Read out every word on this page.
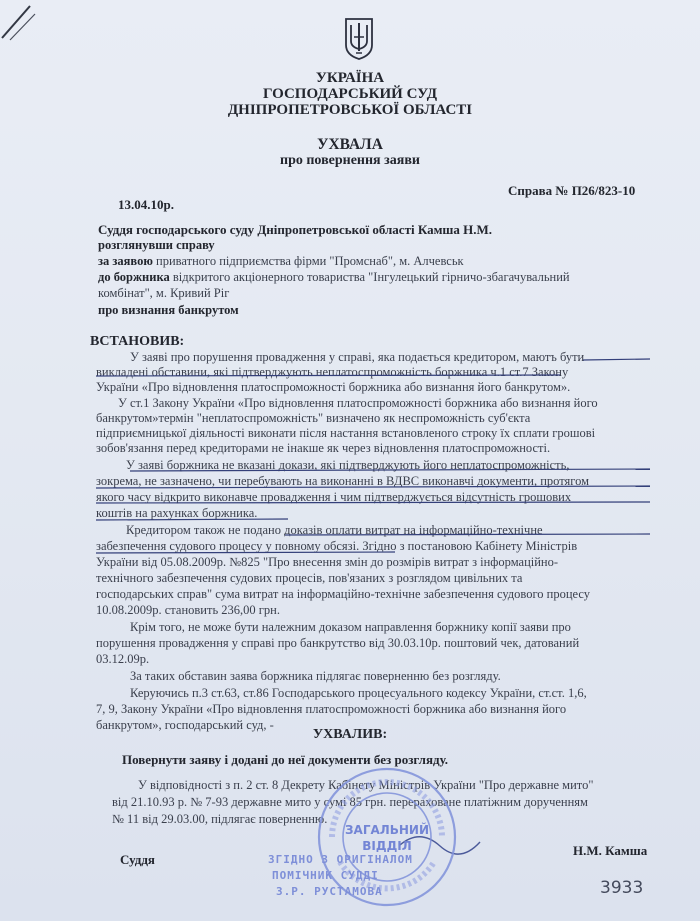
УКРАЇНА
ГОСПОДАРСЬКИЙ СУД
ДНІПРОПЕТРОВСЬКОЇ ОБЛАСТІ
УХВАЛА
про повернення заяви
13.04.10р.
Справа № П26/823-10
Суддя господарського суду Дніпропетровської області Камша Н.М.
розглянувши справу
за заявою приватного підприємства фірми "Промснаб", м. Алчевськ
до боржника відкритого акціонерного товариства "Інгулецький гірничо-збагачувальний
комбінат", м. Кривий Ріг
про визнання банкрутом
ВСТАНОВИВ:
У заяві про порушення провадження у справі, яка подається кредитором, маютъ бути
викладені обставини, які підтверджують неплатоспроможність боржника ч.1 ст.7 Закону
України «Про відновлення платоспроможності боржника або визнання його банкрутом».
У ст.1 Закону України «Про відновлення платоспроможності боржника або визнання його
банкрутом»термін "неплатоспроможність" визначено як неспроможність суб'єкта
підприємницької діяльності виконати після настання встановленого строку їх сплати грошові
зобов'язання перед кредиторами не інакше як через відновлення платоспроможності.
У заяві боржника не вказані докази, які підтверджують його неплатоспроможність,
зокрема, не зазначено, чи перебувають на виконанні в ВДВС виконавчі документи, протягом
якого часу відкрито виконавче провадження і чим підтверджується відсутність грошових
коштів на рахунках боржника.
Кредитором також не подано доказів оплати витрат на інформаційно-технічне
забезпечення судового процесу у повному обсязі. Згідно з постановою Кабінету Міністрів
України від 05.08.2009р. №825 "Про внесення змін до розмірів витрат з інформаційно-
технічного забезпечення судових процесів, пов'язаних з розглядом цивільних та
господарських справ" сума витрат на інформаційно-технічне забезпечення судового процесу
10.08.2009р. становить 236,00 грн.
Крім того, не може бути належним доказом направлення боржнику копії заяви про
порушення провадження у справі про банкрутство від 30.03.10р. поштовий чек, датований
03.12.09р.
За таких обставин заява боржника підлягає поверненню без розгляду.
Керуючись п.3 ст.63, ст.86 Господарського процесуального кодексу України, ст.ст. 1,6,
7, 9, Закону України «Про відновлення платоспроможності боржника або визнання його
банкрутом», господарський суд, -
УХВАЛИВ:
Повернути заяву і додані до неї документи без розгляду.
У відповідності з п. 2 ст. 8 Декрету Кабінету Міністрів України "Про державне мито"
від 21.10.93 р. № 7-93 державне мито у сумі 85 грн. перераховане платіжним дорученням
№ 11 від 29.03.00, підлягає поверненню.
Суддя
Н.М. Камша
ЗАГАЛЬНИЙ
ВІДДІЛ
ЗГІДНО З ОРИГІНАЛОМ
ПОМІЧНИК СУДДІ
З.Р. РУСТАМОВА	3933
